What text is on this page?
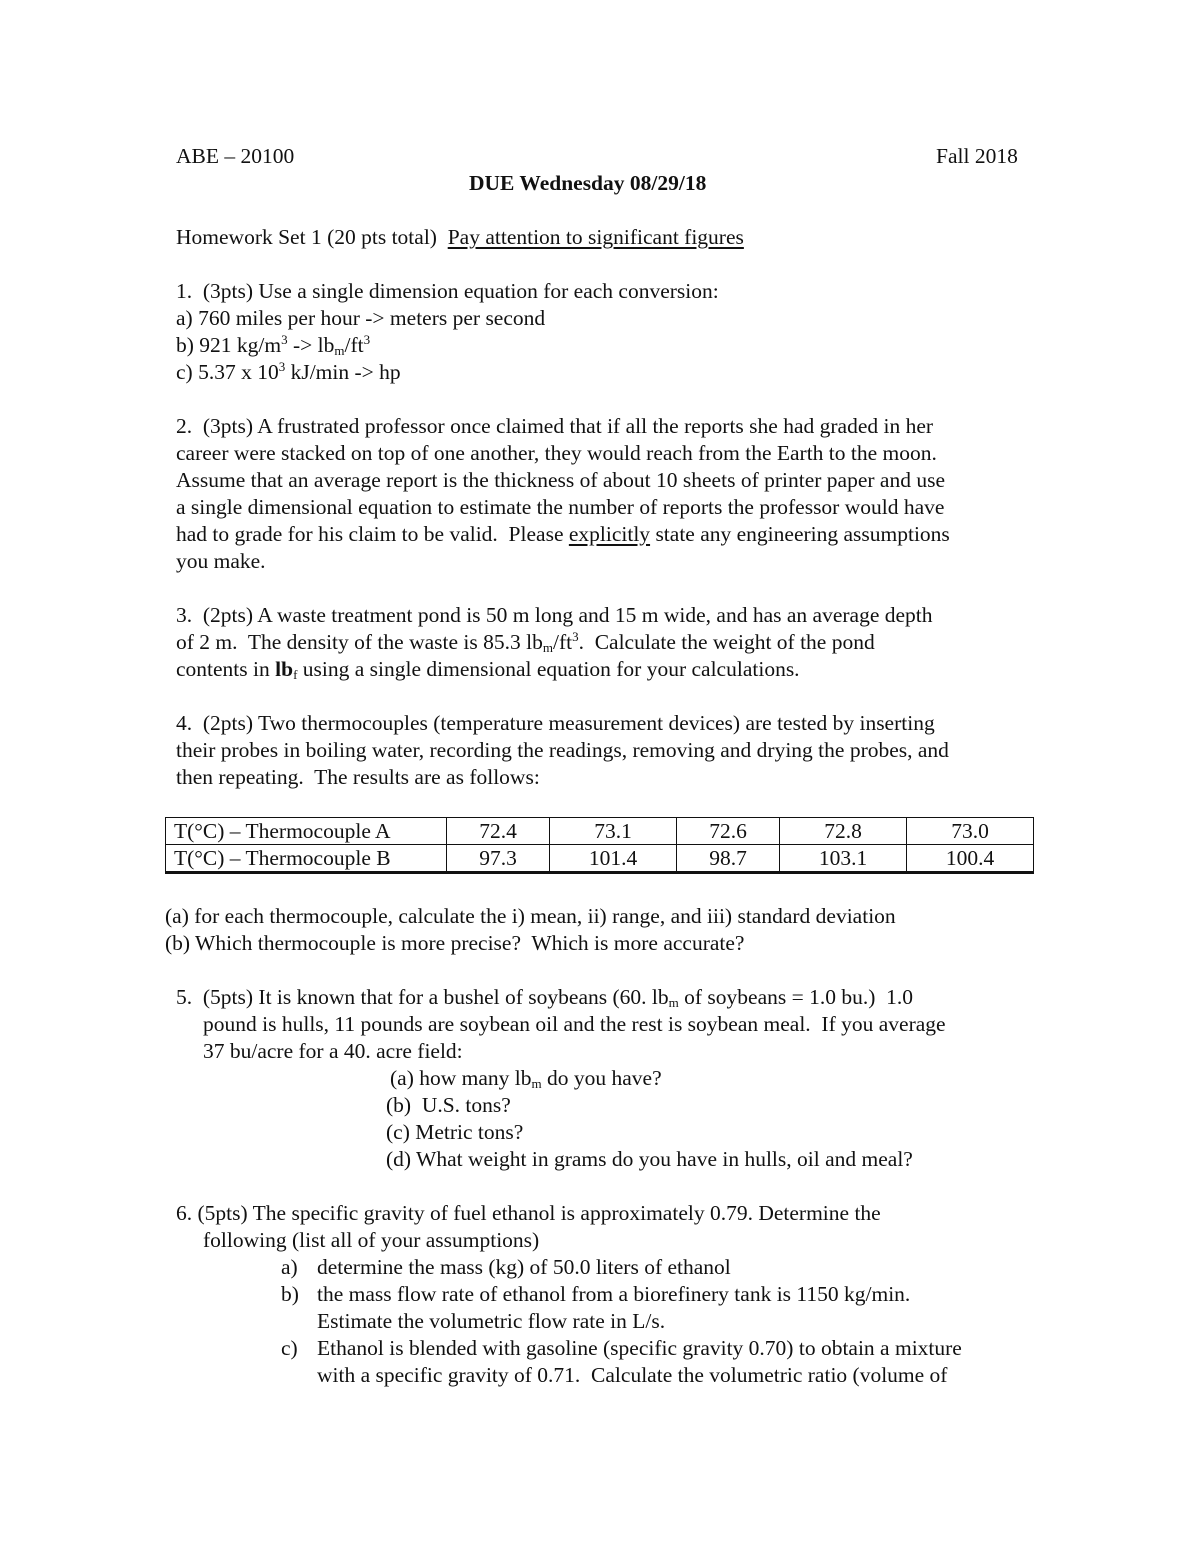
ABE – 20100	Fall 2018
DUE Wednesday 08/29/18
Homework Set 1 (20 pts total) Pay attention to significant figures
1.  (3pts) Use a single dimension equation for each conversion:
a) 760 miles per hour -> meters per second
b) 921 $kg/m^3 -> lb_m/ft^3$
c) 5.37 x $10^3$ kJ/min -> hp
2.  (3pts) A frustrated professor once claimed that if all the reports she had graded in her
career were stacked on top of one another, they would reach from the Earth to the moon.
Assume that an average report is the thickness of about 10 sheets of printer paper and use
a single dimensional equation to estimate the number of reports the professor would have
had to grade for his claim to be valid.  Please explicitly state any engineering assumptions
you make.
3.  (2pts) A waste treatment pond is 50 m long and 15 m wide, and has an average depth
of 2 m.  The density of the waste is 85.3 $lb_m/ft^3$.  Calculate the weight of the pond
contents in $lb_f$ using a single dimensional equation for your calculations.
4.  (2pts) Two thermocouples (temperature measurement devices) are tested by inserting
their probes in boiling water, recording the readings, removing and drying the probes, and
then repeating.  The results are as follows:
T(°C) – Thermocouple A	72.4	73.1	72.6	72.8	73.0
T(°C) – Thermocouple B	97.3	101.4	98.7	103.1	100.4
(a) for each thermocouple, calculate the i) mean, ii) range, and iii) standard deviation
(b) Which thermocouple is more precise?  Which is more accurate?
5.  (5pts) It is known that for a bushel of soybeans (60. $lb_m$ of soybeans = 1.0 bu.)  1.0
pound is hulls, 11 pounds are soybean oil and the rest is soybean meal.  If you average
37 bu/acre for a 40. acre field:
(a) how many $lb_m$ do you have?
(b)  U.S. tons?
(c) Metric tons?
(d) What weight in grams do you have in hulls, oil and meal?
6. (5pts) The specific gravity of fuel ethanol is approximately 0.79. Determine the
following (list all of your assumptions)
a) determine the mass (kg) of 50.0 liters of ethanol
b) the mass flow rate of ethanol from a biorefinery tank is 1150 kg/min.
Estimate the volumetric flow rate in L/s.
c) Ethanol is blended with gasoline (specific gravity 0.70) to obtain a mixture
with a specific gravity of 0.71.  Calculate the volumetric ratio (volume of
